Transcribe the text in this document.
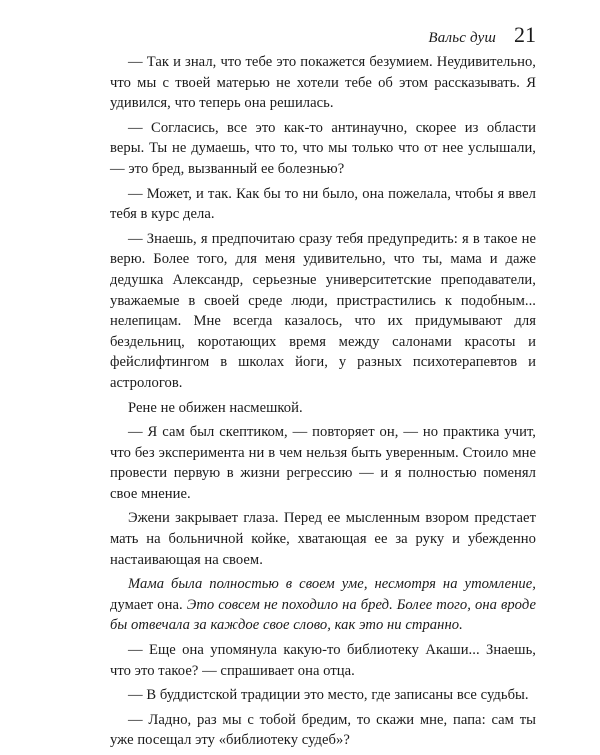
Вальс душ 21

— Так и знал, что тебе это покажется безумием. Неудивительно, что мы с твоей матерью не хотели тебе об этом рассказывать. Я удивился, что теперь она решилась.

— Согласись, все это как-то антинаучно, скорее из области веры. Ты не думаешь, что то, что мы только что от нее услышали, — это бред, вызванный ее болезнью?

— Может, и так. Как бы то ни было, она пожелала, чтобы я ввел тебя в курс дела.

— Знаешь, я предпочитаю сразу тебя предупредить: я в такое не верю. Более того, для меня удивительно, что ты, мама и даже дедушка Александр, серьезные университетские преподаватели, уважаемые в своей среде люди, пристрастились к подобным... нелепицам. Мне всегда казалось, что их придумывают для бездельниц, коротающих время между салонами красоты и фейслифтингом в школах йоги, у разных психотерапевтов и астрологов.

Рене не обижен насмешкой.

— Я сам был скептиком, — повторяет он, — но практика учит, что без эксперимента ни в чем нельзя быть уверенным. Стоило мне провести первую в жизни регрессию — и я полностью поменял свое мнение.

Эжени закрывает глаза. Перед ее мысленным взором предстает мать на больничной койке, хватающая ее за руку и убежденно настаивающая на своем.

Мама была полностью в своем уме, несмотря на утомление, думает она. Это совсем не походило на бред. Более того, она вроде бы отвечала за каждое свое слово, как это ни странно.

— Еще она упомянула какую-то библиотеку Акаши... Знаешь, что это такое? — спрашивает она отца.

— В буддистской традиции это место, где записаны все судьбы.

— Ладно, раз мы с тобой бредим, то скажи мне, папа: сам ты уже посещал эту «библиотеку судеб»?
